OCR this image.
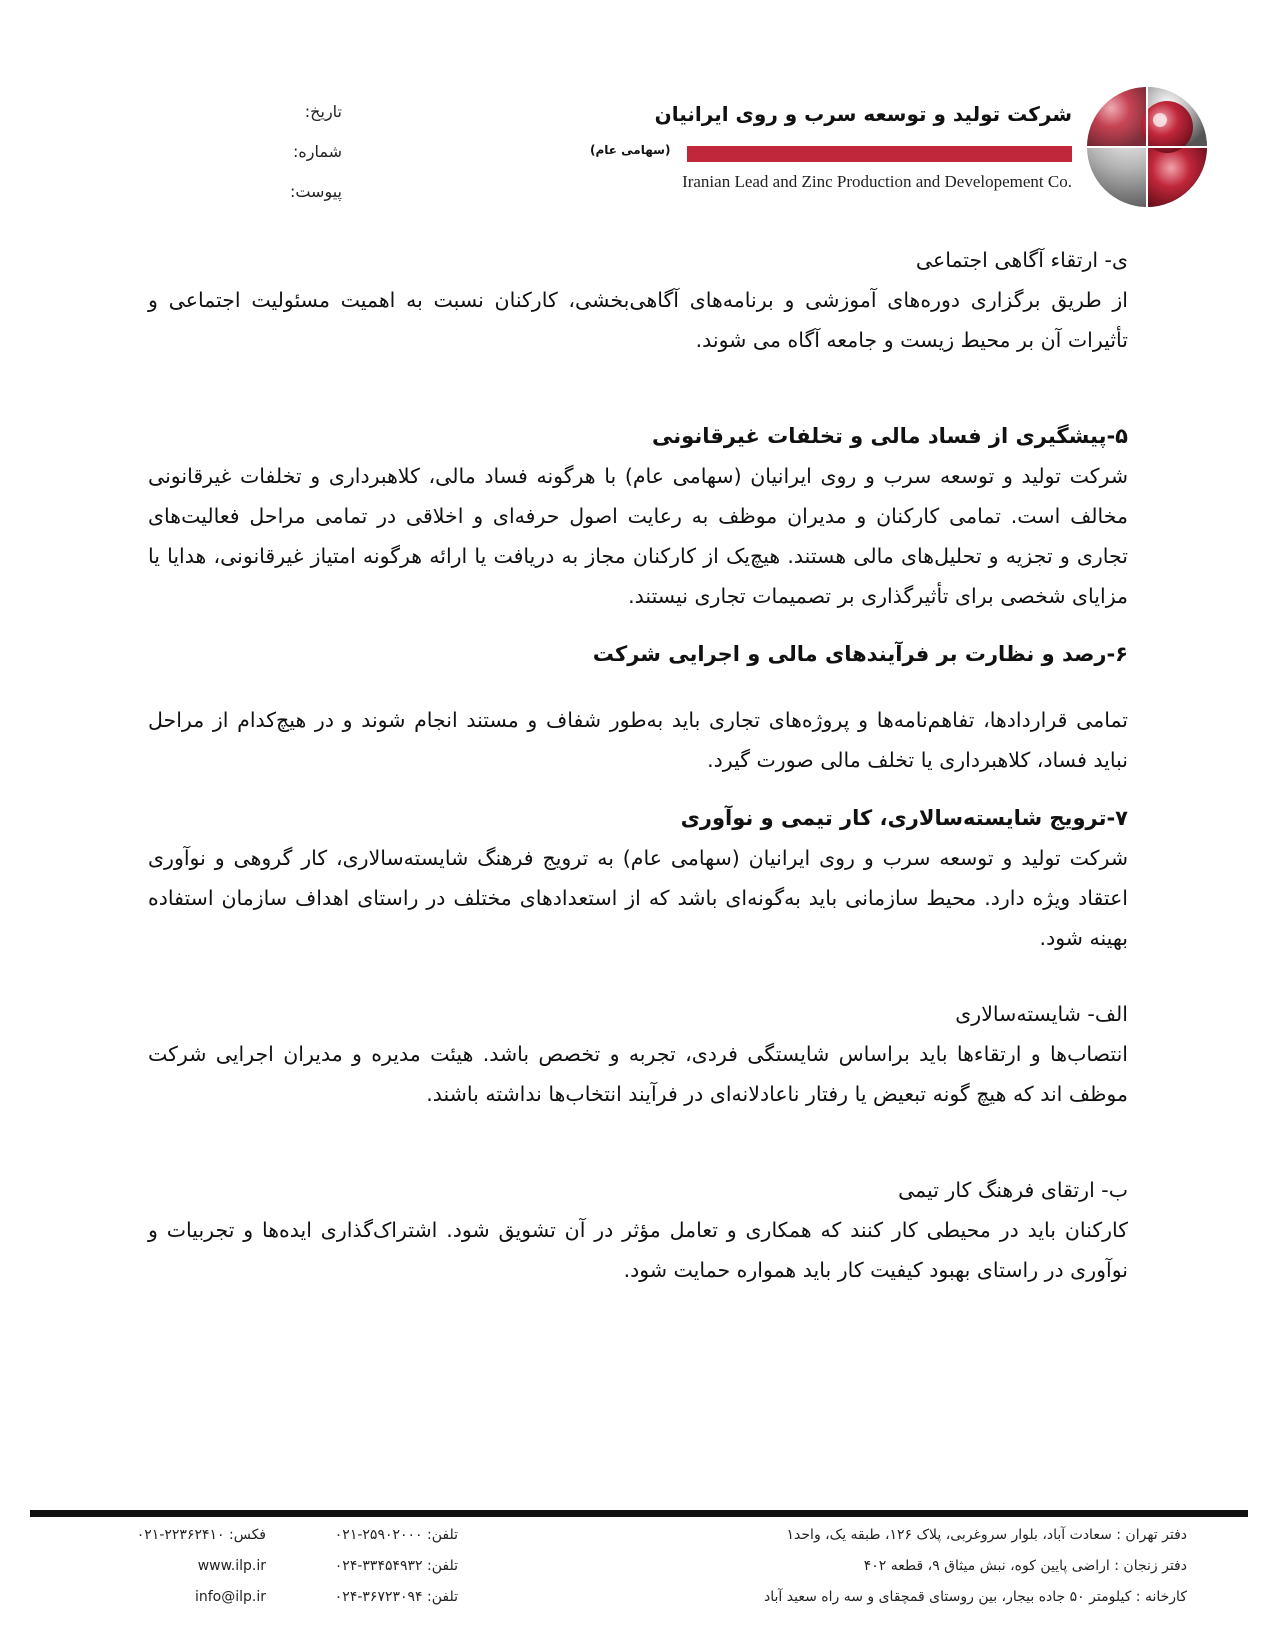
تاریخ:
شماره:
پیوست:
شرکت تولید و توسعه سرب و روی ایرانیان
(سهامی عام)
Iranian Lead and Zinc Production and Developement Co.

ی- ارتقاء آگاهی اجتماعی

از طریق برگزاری دوره‌های آموزشی و برنامه‌های آگاهی‌بخشی، کارکنان نسبت به اهمیت مسئولیت اجتماعی و تأثیرات آن بر محیط زیست و جامعه آگاه می شوند.

۵-پیشگیری از فساد مالی و تخلفات غیرقانونی

شرکت تولید و توسعه سرب و روی ایرانیان (سهامی عام) با هرگونه فساد مالی، کلاهبرداری و تخلفات غیرقانونی مخالف است. تمامی کارکنان و مدیران موظف به رعایت اصول حرفه‌ای و اخلاقی در تمامی مراحل فعالیت‌های تجاری و تجزیه و تحلیل‌های مالی هستند. هیچ‌یک از کارکنان مجاز به دریافت یا ارائه هرگونه امتیاز غیرقانونی، هدایا یا مزایای شخصی برای تأثیرگذاری بر تصمیمات تجاری نیستند.

۶-رصد و نظارت بر فرآیندهای مالی و اجرایی شرکت

تمامی قراردادها، تفاهم‌نامه‌ها و پروژه‌های تجاری باید به‌طور شفاف و مستند انجام شوند و در هیچ‌کدام از مراحل نباید فساد، کلاهبرداری یا تخلف مالی صورت گیرد.

۷-ترویج شایسته‌سالاری، کار تیمی و نوآوری

شرکت تولید و توسعه سرب و روی ایرانیان (سهامی عام) به ترویج فرهنگ شایسته‌سالاری، کار گروهی و نوآوری اعتقاد ویژه دارد. محیط سازمانی باید به‌گونه‌ای باشد که از استعدادهای مختلف در راستای اهداف سازمان استفاده بهینه شود.

الف- شایسته‌سالاری

انتصاب‌ها و ارتقاءها باید براساس شایستگی فردی، تجربه و تخصص باشد. هیئت مدیره و مدیران اجرایی شرکت موظف اند که هیچ گونه تبعیض یا رفتار ناعادلانه‌ای در فرآیند انتخاب‌ها نداشته باشند.

ب- ارتقای فرهنگ کار تیمی

کارکنان باید در محیطی کار کنند که همکاری و تعامل مؤثر در آن تشویق شود. اشتراک‌گذاری ایده‌ها و تجربیات و نوآوری در راستای بهبود کیفیت کار باید همواره حمایت شود.

دفتر تهران : سعادت آباد، بلوار سروغربی، پلاک ۱۲۶، طبقه یک، واحد۱
دفتر زنجان : اراضی پایین کوه، نبش میثاق ۹، قطعه ۴۰۲
کارخانه : کیلومتر ۵۰ جاده بیجار، بین روستای قمچقای و سه راه سعید آباد
تلفن: ۲۵۹۰۲۰۰۰-۰۲۱
تلفن: ۳۳۴۵۴۹۳۲-۰۲۴
تلفن: ۳۶۷۲۳۰۹۴-۰۲۴
فکس: ۲۲۳۶۲۴۱۰-۰۲۱
www.ilp.ir
info@ilp.ir
